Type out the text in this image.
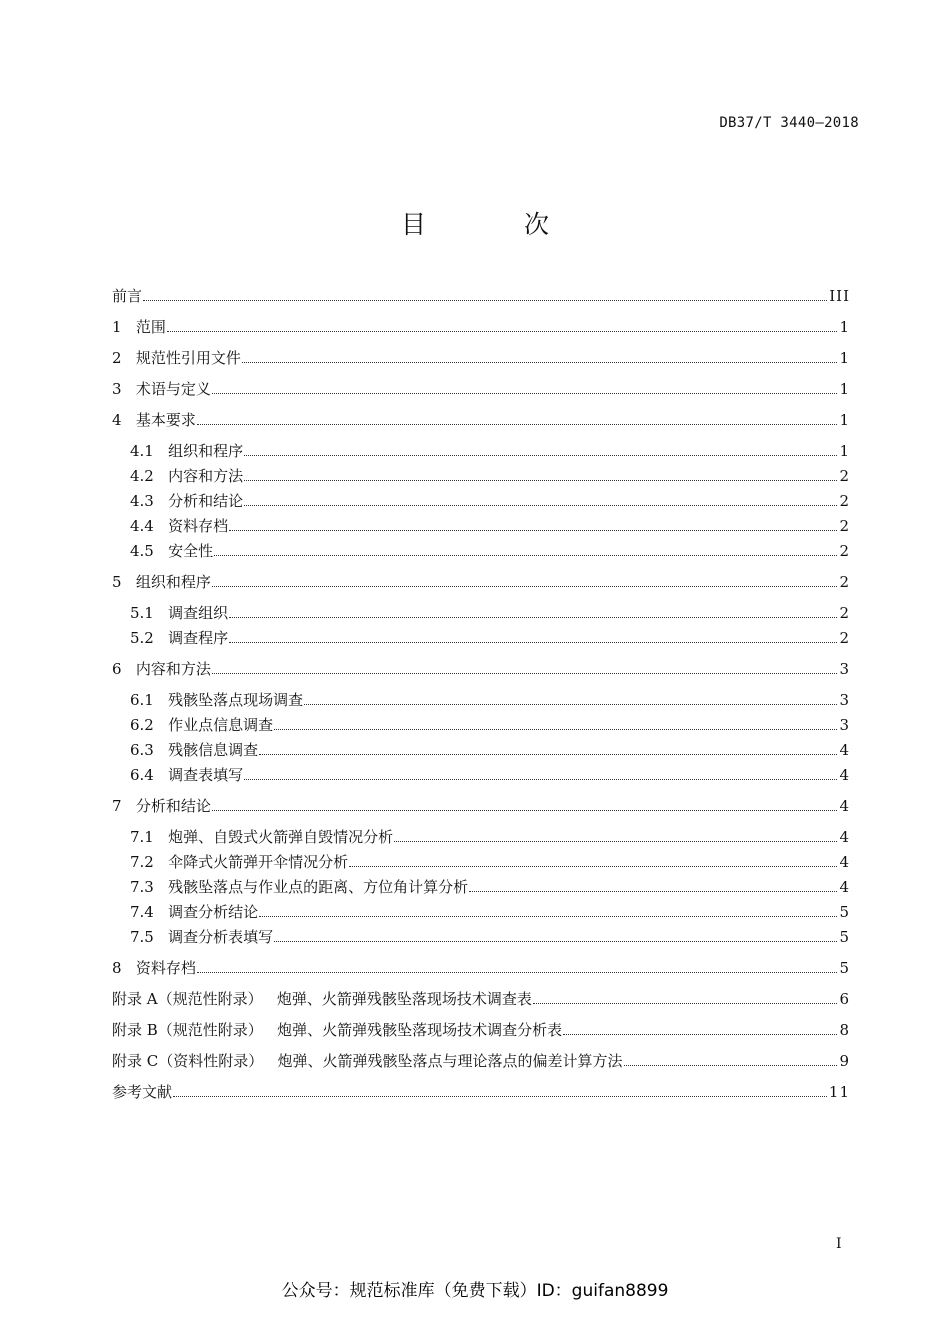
DB37/T 3440—2018
目 次
前言	III
1   范围	1
2   规范性引用文件	1
3   术语与定义	1
4   基本要求	1
4.1   组织和程序	1
4.2   内容和方法	2
4.3   分析和结论	2
4.4   资料存档	2
4.5   安全性	2
5   组织和程序	2
5.1   调查组织	2
5.2   调查程序	2
6   内容和方法	3
6.1   残骸坠落点现场调查	3
6.2   作业点信息调查	3
6.3   残骸信息调查	4
6.4   调查表填写	4
7   分析和结论	4
7.1   炮弹、自毁式火箭弹自毁情况分析	4
7.2   伞降式火箭弹开伞情况分析	4
7.3   残骸坠落点与作业点的距离、方位角计算分析	4
7.4   调查分析结论	5
7.5   调查分析表填写	5
8   资料存档	5
附录 A（规范性附录）   炮弹、火箭弹残骸坠落现场技术调查表	6
附录 B（规范性附录）   炮弹、火箭弹残骸坠落现场技术调查分析表	8
附录 C（资料性附录）   炮弹、火箭弹残骸坠落点与理论落点的偏差计算方法	9
参考文献	11
I
公众号：规范标准库（免费下载）ID：guifan8899
